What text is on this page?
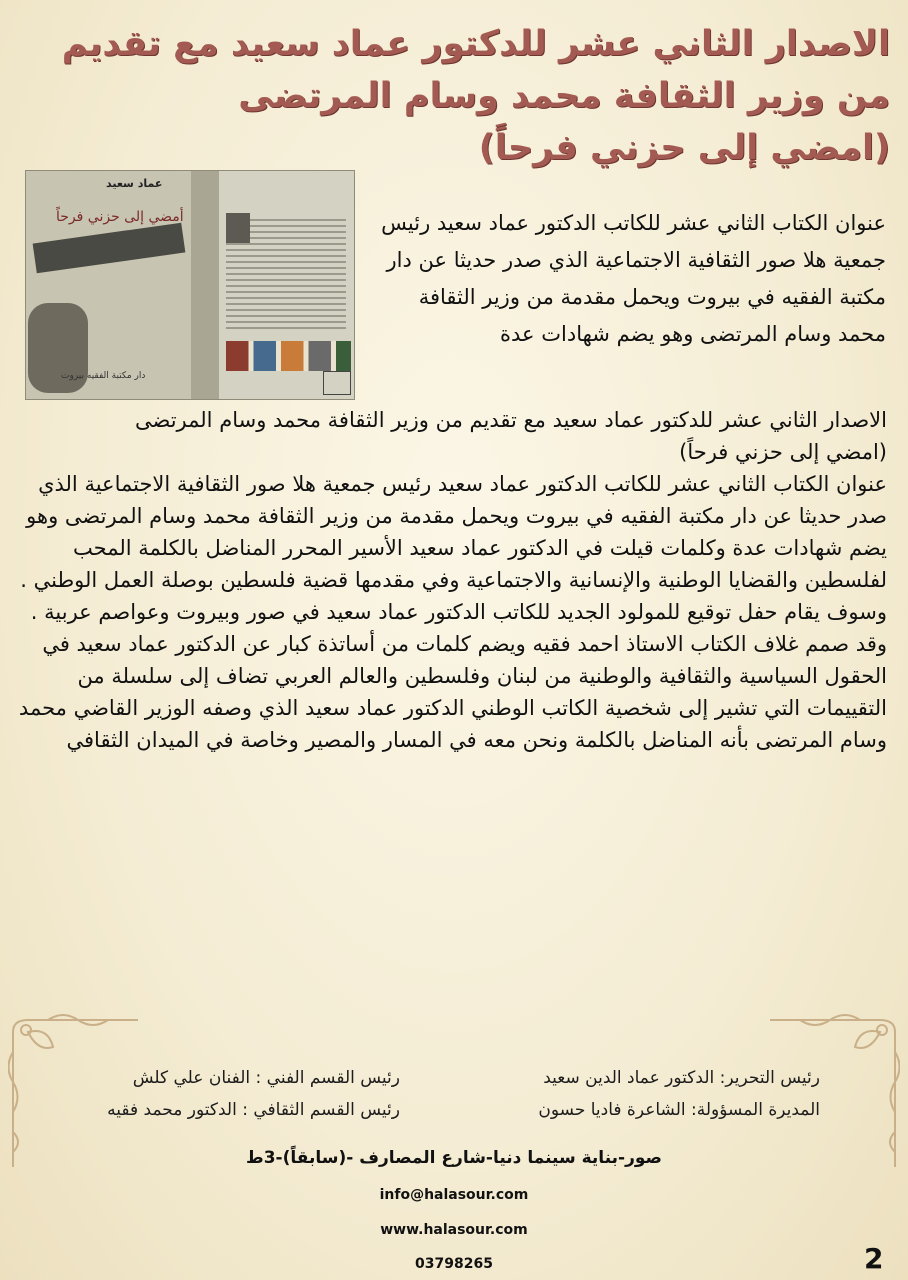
الاصدار الثاني عشر للدكتور عماد سعيد مع تقديم
من وزير الثقافة محمد وسام المرتضى
(امضي إلى حزني فرحاً)
عماد سعيد
أمضي إلى حزني فرحاً
دار مكتبة الفقيه بيروت
عنوان الكتاب الثاني عشر للكاتب الدكتور عماد سعيد رئيس جمعية هلا صور الثقافية الاجتماعية الذي صدر حديثا عن دار مكتبة الفقيه في بيروت ويحمل مقدمة من وزير الثقافة محمد وسام المرتضى وهو يضم شهادات عدة

الاصدار الثاني عشر للدكتور عماد سعيد مع تقديم من وزير الثقافة محمد وسام المرتضى

(امضي إلى حزني فرحاً)

عنوان الكتاب الثاني عشر للكاتب الدكتور عماد سعيد رئيس جمعية هلا صور الثقافية الاجتماعية الذي صدر حديثا عن دار مكتبة الفقيه في بيروت ويحمل مقدمة من وزير الثقافة محمد وسام المرتضى وهو يضم شهادات عدة وكلمات قيلت في الدكتور عماد سعيد الأسير المحرر المناضل بالكلمة المحب لفلسطين والقضايا الوطنية والإنسانية والاجتماعية وفي مقدمها قضية فلسطين بوصلة العمل الوطني .

وسوف يقام حفل توقيع للمولود الجديد للكاتب الدكتور عماد سعيد في صور وبيروت وعواصم عربية .

وقد صمم غلاف الكتاب الاستاذ احمد فقيه ويضم كلمات من أساتذة كبار عن الدكتور عماد سعيد في الحقول السياسية والثقافية والوطنية من لبنان وفلسطين والعالم العربي تضاف إلى سلسلة من التقييمات التي تشير إلى شخصية الكاتب الوطني الدكتور عماد سعيد الذي وصفه الوزير القاضي محمد وسام المرتضى بأنه المناضل بالكلمة ونحن معه في المسار والمصير وخاصة في الميدان الثقافي

رئيس التحرير: الدكتور عماد الدين سعيد
المديرة المسؤولة: الشاعرة فاديا حسون
رئيس القسم الفني : الفنان علي كلش
رئيس القسم الثقافي : الدكتور محمد فقيه
صور-بناية سينما دنيا-شارع المصارف -(سابقاً)-3ط
info@halasour.com
www.halasour.com
03798265	2
